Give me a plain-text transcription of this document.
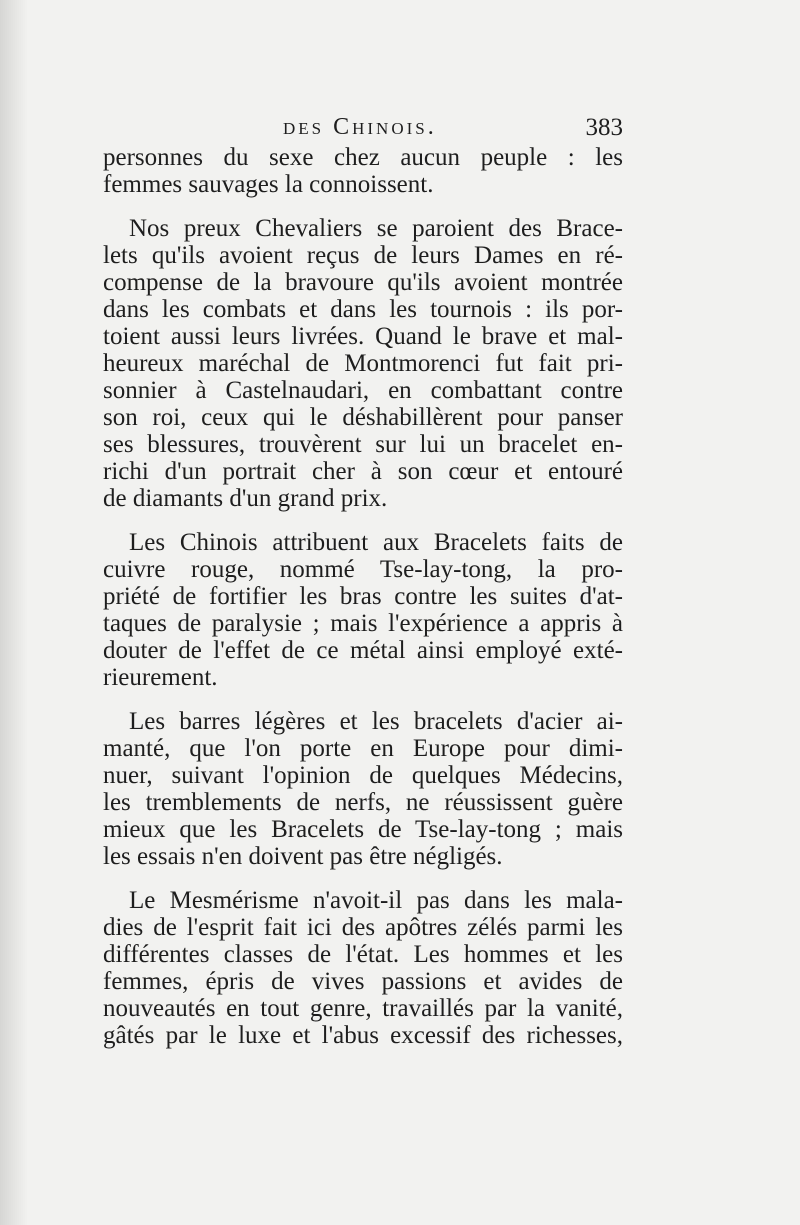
des Chinois.	383

personnes du sexe chez aucun peuple : les
femmes sauvages la connoissent.

Nos preux Chevaliers se paroient des Brace-
lets qu'ils avoient reçus de leurs Dames en ré-
compense de la bravoure qu'ils avoient montrée
dans les combats et dans les tournois : ils por-
toient aussi leurs livrées. Quand le brave et mal-
heureux maréchal de Montmorenci fut fait pri-
sonnier à Castelnaudari, en combattant contre
son roi, ceux qui le déshabillèrent pour panser
ses blessures, trouvèrent sur lui un bracelet en-
richi d'un portrait cher à son cœur et entouré
de diamants d'un grand prix.

Les Chinois attribuent aux Bracelets faits de
cuivre rouge, nommé Tse-lay-tong, la pro-
priété de fortifier les bras contre les suites d'at-
taques de paralysie ; mais l'expérience a appris à
douter de l'effet de ce métal ainsi employé exté-
rieurement.

Les barres légères et les bracelets d'acier ai-
manté, que l'on porte en Europe pour dimi-
nuer, suivant l'opinion de quelques Médecins,
les tremblements de nerfs, ne réussissent guère
mieux que les Bracelets de Tse-lay-tong ; mais
les essais n'en doivent pas être négligés.

Le Mesmérisme n'avoit-il pas dans les mala-
dies de l'esprit fait ici des apôtres zélés parmi les
différentes classes de l'état. Les hommes et les
femmes, épris de vives passions et avides de
nouveautés en tout genre, travaillés par la vanité,
gâtés par le luxe et l'abus excessif des richesses,
